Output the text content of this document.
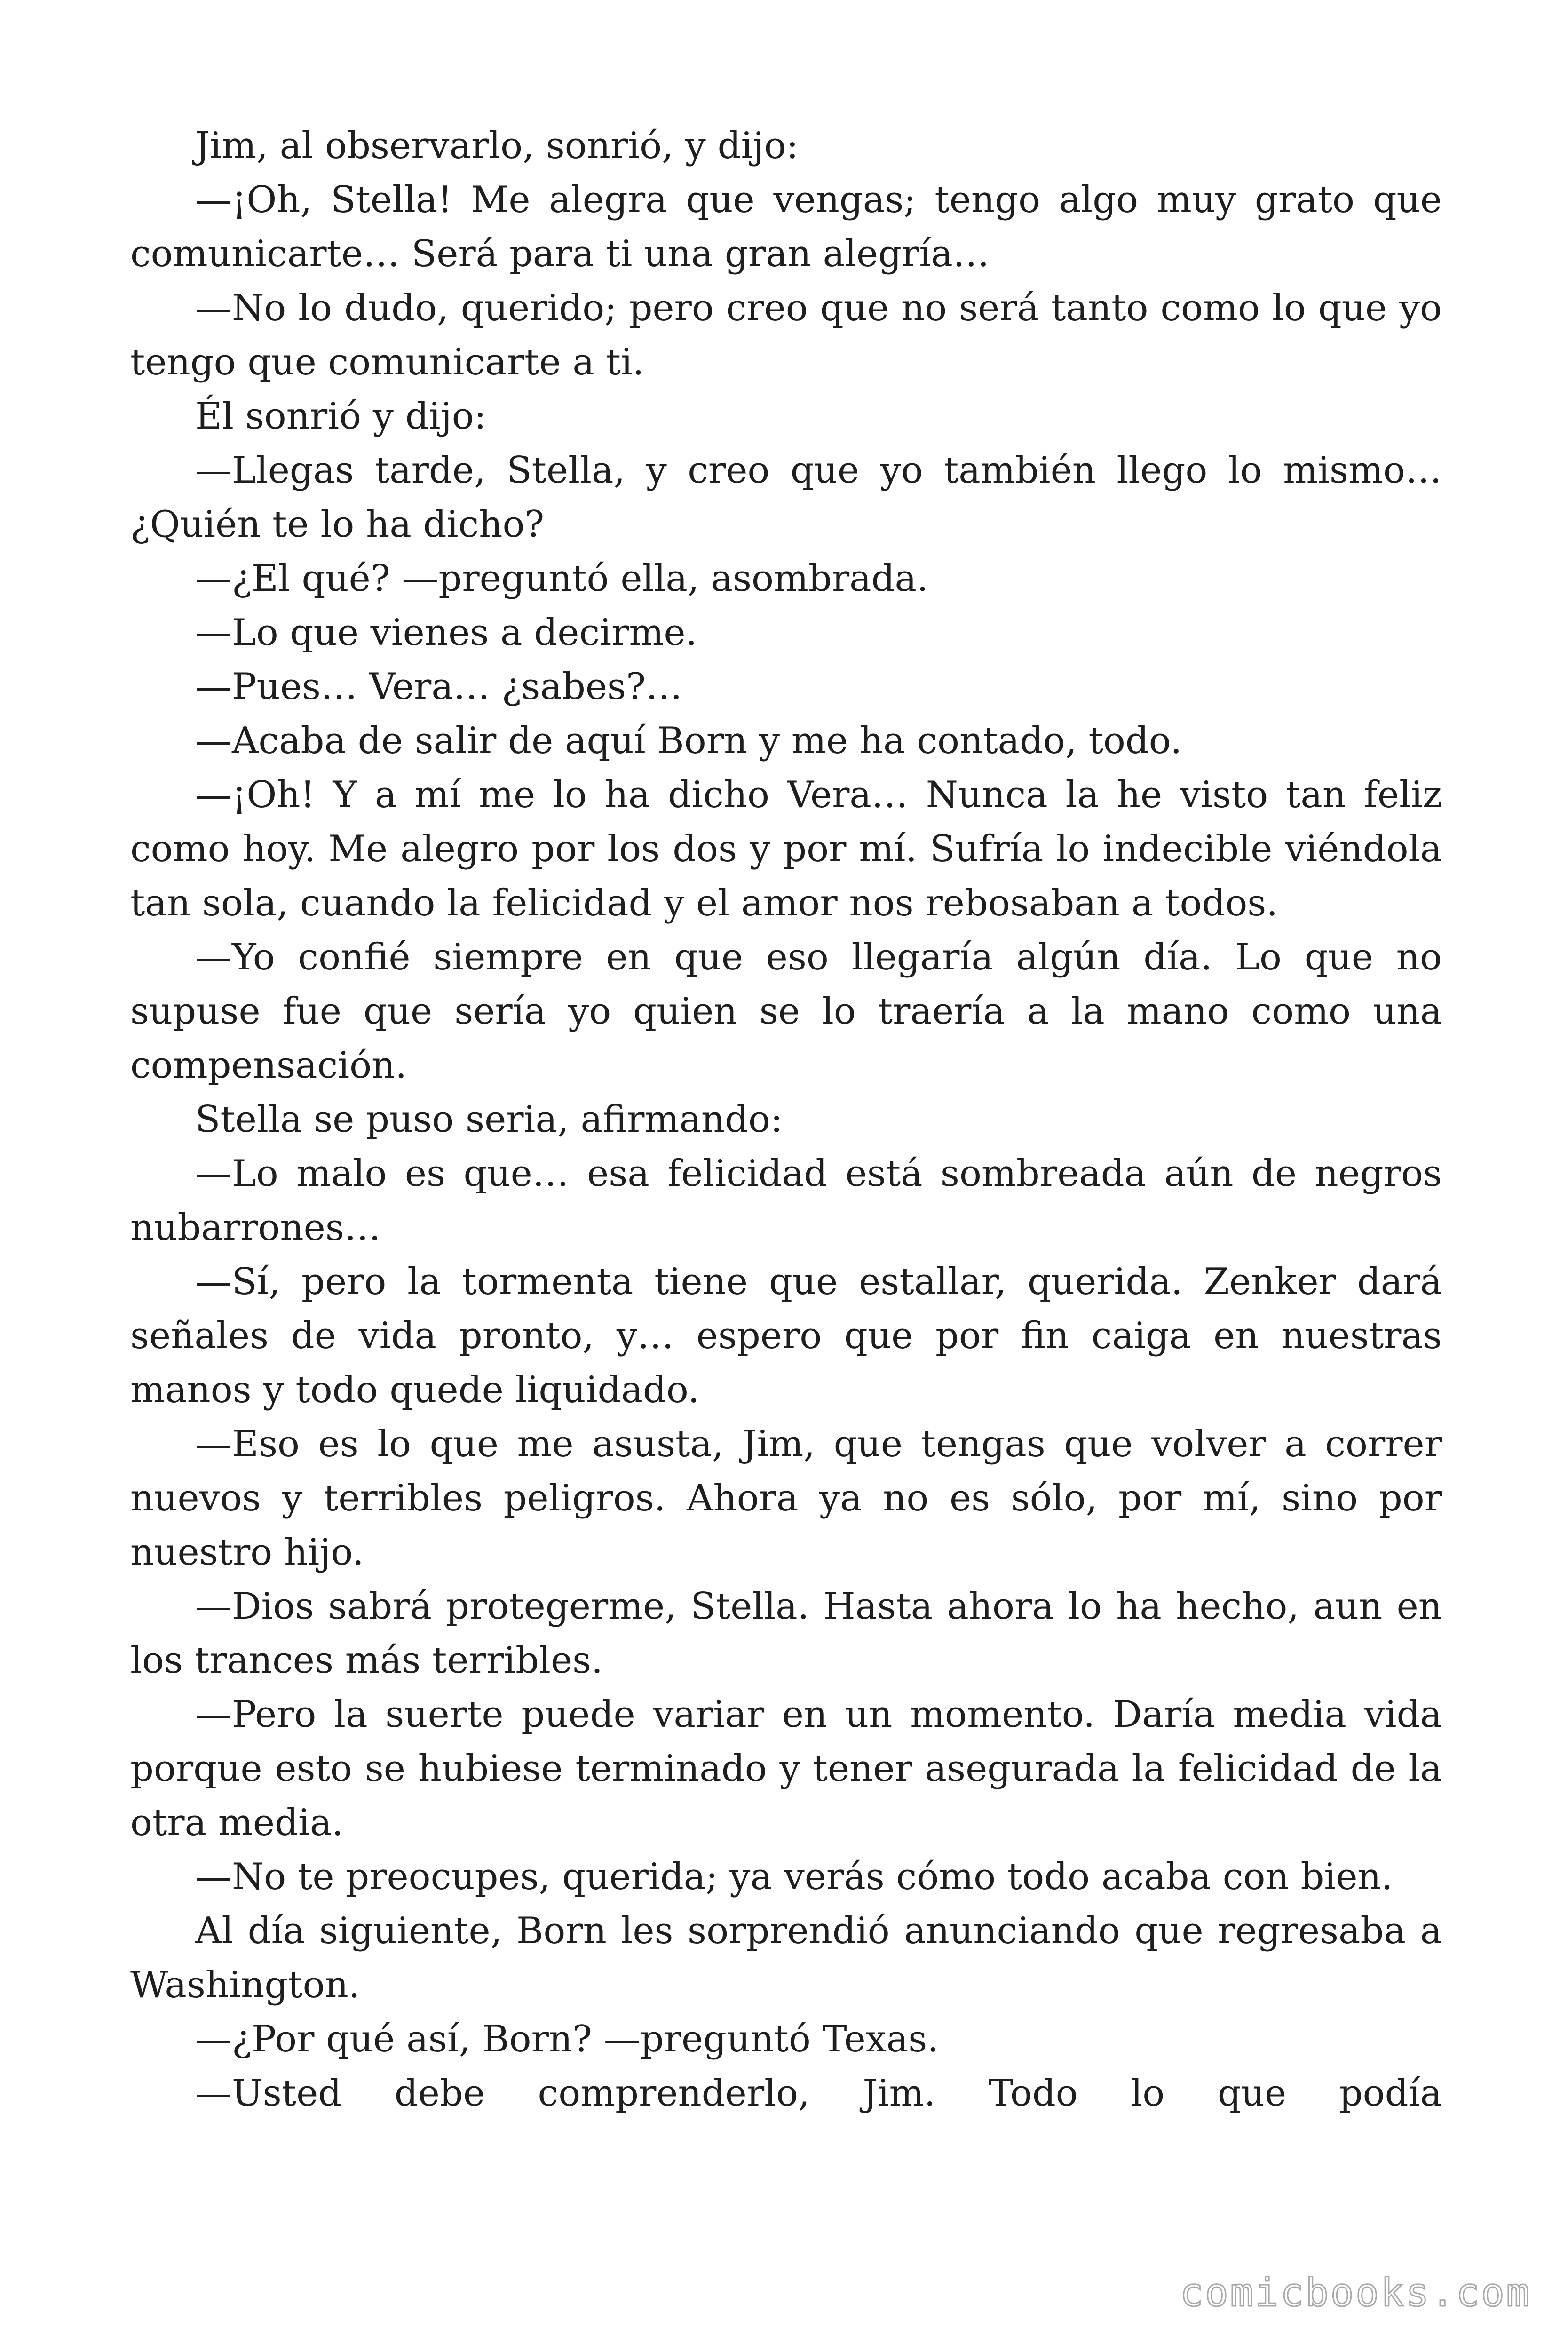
Jim, al observarlo, sonrió, y dijo:

—¡Oh, Stella! Me alegra que vengas; tengo algo muy grato que comunicarte… Será para ti una gran alegría…

—No lo dudo, querido; pero creo que no será tanto como lo que yo tengo que comunicarte a ti.

Él sonrió y dijo:

—Llegas tarde, Stella, y creo que yo también llego lo mismo… ¿Quién te lo ha dicho?

—¿El qué? —preguntó ella, asombrada.

—Lo que vienes a decirme.

—Pues… Vera… ¿sabes?…

—Acaba de salir de aquí Born y me ha contado, todo.

—¡Oh! Y a mí me lo ha dicho Vera… Nunca la he visto tan feliz como hoy. Me alegro por los dos y por mí. Sufría lo indecible viéndola tan sola, cuando la felicidad y el amor nos rebosaban a todos.

—Yo confié siempre en que eso llegaría algún día. Lo que no supuse fue que sería yo quien se lo traería a la mano como una compensación.

Stella se puso seria, afirmando:

—Lo malo es que… esa felicidad está sombreada aún de negros nubarrones…

—Sí, pero la tormenta tiene que estallar, querida. Zenker dará señales de vida pronto, y… espero que por fin caiga en nuestras manos y todo quede liquidado.

—Eso es lo que me asusta, Jim, que tengas que volver a correr nuevos y terribles peligros. Ahora ya no es sólo, por mí, sino por nuestro hijo.

—Dios sabrá protegerme, Stella. Hasta ahora lo ha hecho, aun en los trances más terribles.

—Pero la suerte puede variar en un momento. Daría media vida porque esto se hubiese terminado y tener asegurada la felicidad de la otra media.

—No te preocupes, querida; ya verás cómo todo acaba con bien.

Al día siguiente, Born les sorprendió anunciando que regresaba a Washington.

—¿Por qué así, Born? —preguntó Texas.

—Usted debe comprenderlo, Jim. Todo lo que podía

comicbooks.com
